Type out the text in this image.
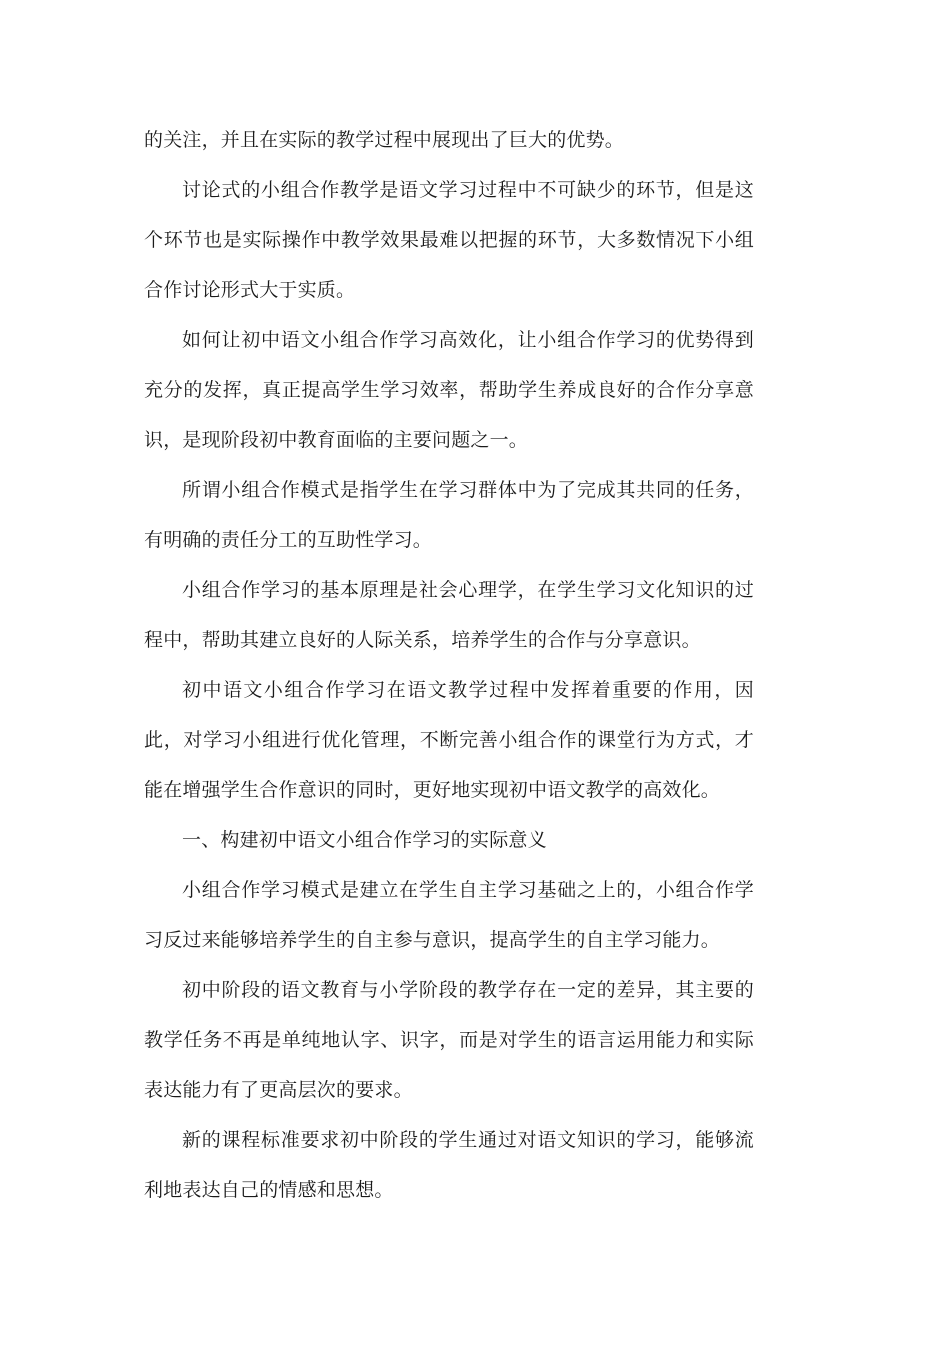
的关注，并且在实际的教学过程中展现出了巨大的优势。

讨论式的小组合作教学是语文学习过程中不可缺少的环节，但是这个环节也是实际操作中教学效果最难以把握的环节，大多数情况下小组合作讨论形式大于实质。

如何让初中语文小组合作学习高效化，让小组合作学习的优势得到充分的发挥，真正提高学生学习效率，帮助学生养成良好的合作分享意识，是现阶段初中教育面临的主要问题之一。

所谓小组合作模式是指学生在学习群体中为了完成其共同的任务，有明确的责任分工的互助性学习。

小组合作学习的基本原理是社会心理学，在学生学习文化知识的过程中，帮助其建立良好的人际关系，培养学生的合作与分享意识。

初中语文小组合作学习在语文教学过程中发挥着重要的作用，因此，对学习小组进行优化管理，不断完善小组合作的课堂行为方式，才能在增强学生合作意识的同时，更好地实现初中语文教学的高效化。

一、构建初中语文小组合作学习的实际意义

小组合作学习模式是建立在学生自主学习基础之上的，小组合作学习反过来能够培养学生的自主参与意识，提高学生的自主学习能力。

初中阶段的语文教育与小学阶段的教学存在一定的差异，其主要的教学任务不再是单纯地认字、识字，而是对学生的语言运用能力和实际表达能力有了更高层次的要求。

新的课程标准要求初中阶段的学生通过对语文知识的学习，能够流利地表达自己的情感和思想。
